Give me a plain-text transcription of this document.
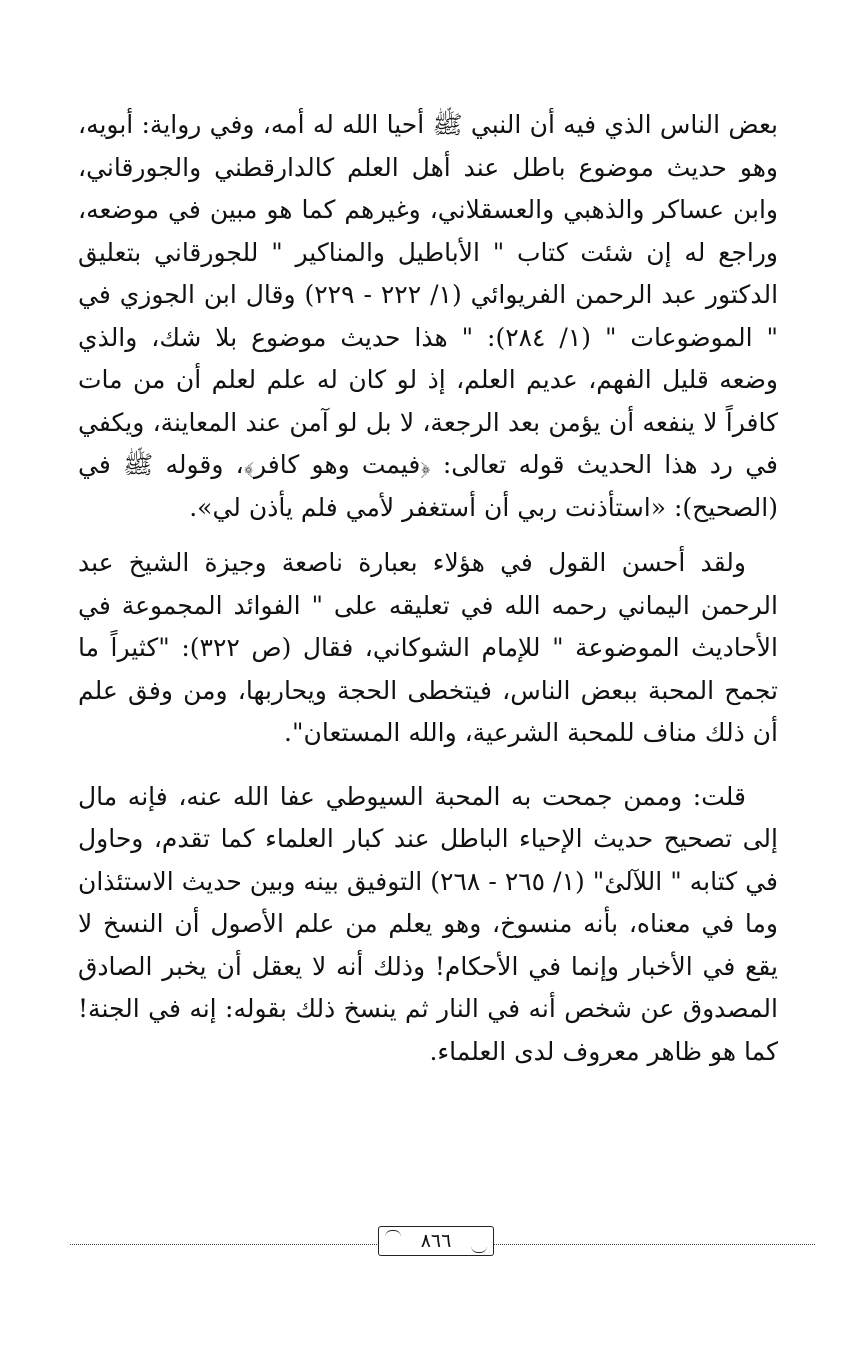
بعض الناس الذي فيه أن النبي ﷺ أحيا الله له أمه، وفي رواية: أبويه، وهو حديث موضوع باطل عند أهل العلم كالدارقطني والجورقاني، وابن عساكر والذهبي والعسقلاني، وغيرهم كما هو مبين في موضعه، وراجع له إن شئت كتاب " الأباطيل والمناكير " للجورقاني بتعليق الدكتور عبد الرحمن الفريوائي (١/ ٢٢٢ - ٢٢٩) وقال ابن الجوزي في " الموضوعات " (١/ ٢٨٤): " هذا حديث موضوع بلا شك، والذي وضعه قليل الفهم، عديم العلم، إذ لو كان له علم لعلم أن من مات كافراً لا ينفعه أن يؤمن بعد الرجعة، لا بل لو آمن عند المعاينة، ويكفي في رد هذا الحديث قوله تعالى: ﴿فيمت وهو كافر﴾، وقوله ﷺ في (الصحيح): «استأذنت ربي أن أستغفر لأمي فلم يأذن لي».

ولقد أحسن القول في هؤلاء بعبارة ناصعة وجيزة الشيخ عبد الرحمن اليماني رحمه الله في تعليقه على " الفوائد المجموعة في الأحاديث الموضوعة " للإمام الشوكاني، فقال (ص ٣٢٢): "كثيراً ما تجمح المحبة ببعض الناس، فيتخطى الحجة ويحاربها، ومن وفق علم أن ذلك مناف للمحبة الشرعية، والله المستعان".

قلت: وممن جمحت به المحبة السيوطي عفا الله عنه، فإنه مال إلى تصحيح حديث الإحياء الباطل عند كبار العلماء كما تقدم، وحاول في كتابه " اللآلئ" (١/ ٢٦٥ - ٢٦٨) التوفيق بينه وبين حديث الاستئذان وما في معناه، بأنه منسوخ، وهو يعلم من علم الأصول أن النسخ لا يقع في الأخبار وإنما في الأحكام! وذلك أنه لا يعقل أن يخبر الصادق المصدوق عن شخص أنه في النار ثم ينسخ ذلك بقوله: إنه في الجنة! كما هو ظاهر معروف لدى العلماء.

٨٦٦
